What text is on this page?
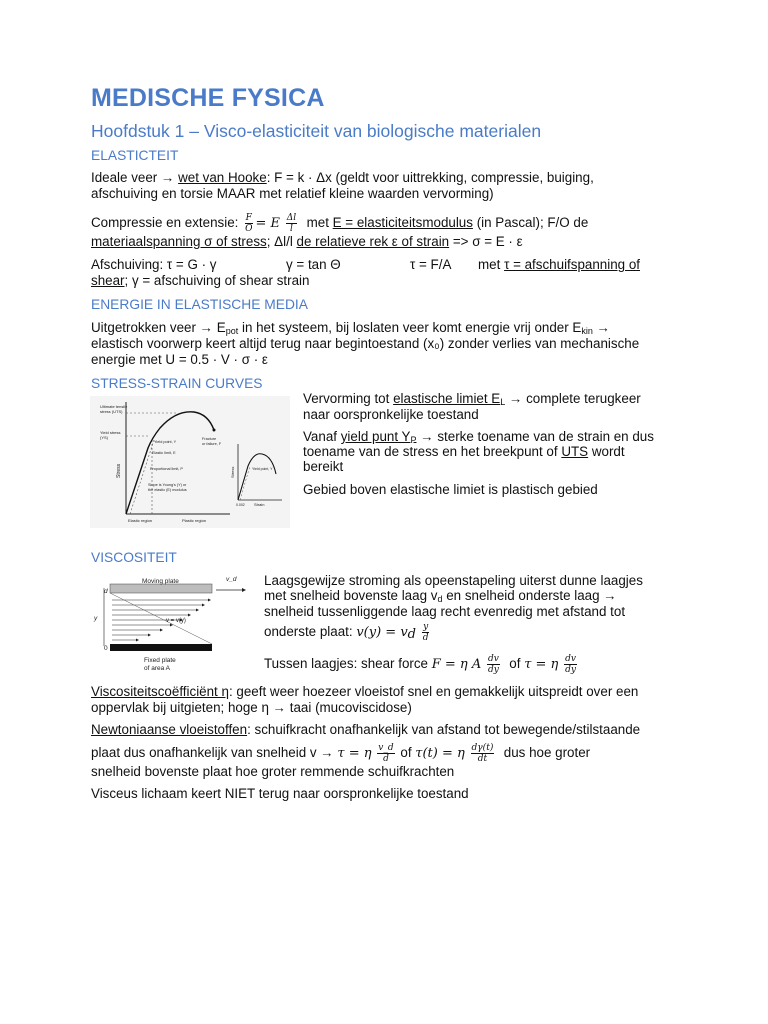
MEDISCHE FYSICA
Hoofdstuk 1 – Visco-elasticiteit van biologische materialen
ELASTICTEIT
Ideale veer → wet van Hooke: F = k · Δx (geldt voor uittrekking, compressie, buiging,
afschuiving en torsie MAAR met relatief kleine waarden vervorming)
Compressie en extensie: $\frac{F}{O} = E \frac{\Delta l}{l}$ met E = elasticiteitsmodulus (in Pascal); F/O de
materiaalspanning σ of stress; Δl/l de relatieve rek ε of strain => σ = E · ε
Afschuiving: τ = G · γ	γ = tan Θ	τ = F/A met τ = afschuifspanning of
shear; γ = afschuiving of shear strain
ENERGIE IN ELASTISCHE MEDIA
Uitgetrokken veer → $E_{pot}$ in het systeem, bij loslaten veer komt energie vrij onder $E_{kin}$ →
elastisch voorwerp keert altijd terug naar begintoestand (x₀) zonder verlies van mechanische
energie met U = 0.5 · V · σ · ε
STRESS-STRAIN CURVES
Ultimate tensile
stress (UTS)
Yield stress
(YS)
Yield point, Y
Fracture
or failure, F
Elastic limit, E
Proportional limit, P
Slope is Young's (Y) or
the elastic (E) modulus
Stress
Elastic region	Plastic region
Yield point, Y
Stress
Strain
0.002
Vervorming tot elastische limiet $E_L$ → complete terugkeer
naar oorspronkelijke toestand
Vanaf yield punt $Y_P$ → sterke toename van de strain en dus
toename van de stress en het breekpunt of UTS wordt
bereikt
Gebied boven elastische limiet is plastisch gebied
VISCOSITEIT
Moving plate	v_d
v = v(y)
Fixed plate
of area A
d
y
0
Laagsgewijze stroming als opeenstapeling uiterst dunne laagjes
met snelheid bovenste laag $v_d$ en snelheid onderste laag →
snelheid tussenliggende laag recht evenredig met afstand tot
onderste plaat: $v(y) = v_d \frac{y}{d}$
Tussen laagjes: shear force F = η A $\frac{dv}{dy}$ of τ = η $\frac{dv}{dy}$
Viscositeitscoëfficiënt η: geeft weer hoezeer vloeistof snel en gemakkelijk uitspreidt over een
oppervlak bij uitgieten; hoge η → taai (mucoviscidose)
Newtoniaanse vloeistoffen: schuifkracht onafhankelijk van afstand tot bewegende/stilstaande
plaat dus onafhankelijk van snelheid v → τ = η $\frac{v\_d}{d}$ of τ(t) = η $\frac{d\gamma(t)}{dt}$ dus hoe groter
snelheid bovenste plaat hoe groter remmende schuifkrachten
Visceus lichaam keert NIET terug naar oorspronkelijke toestand
